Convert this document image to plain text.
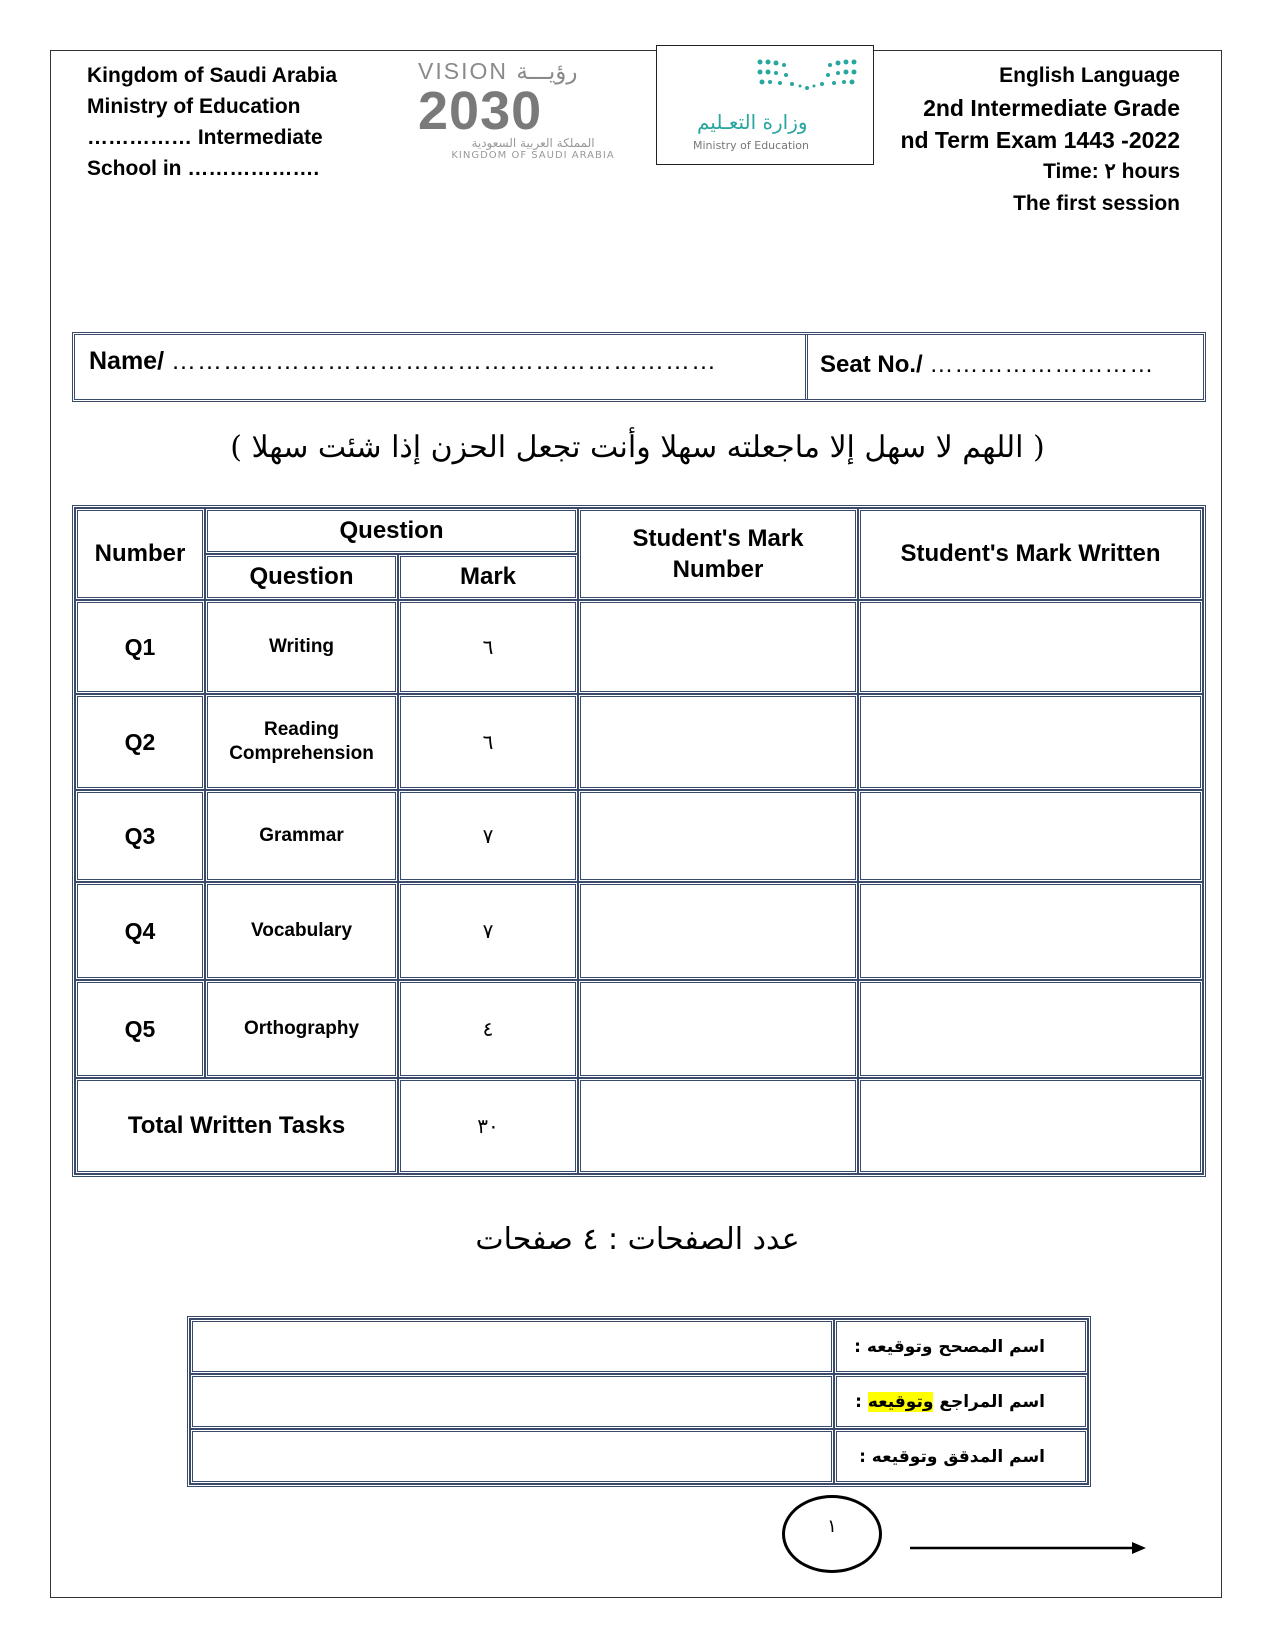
Kingdom of Saudi Arabia
Ministry of Education
…………… Intermediate
School in ……………….
VISION رؤيـــة
2030
المملكة العربية السعودية
KINGDOM OF SAUDI ARABIA
وزارة التعـليم
Ministry of Education
English Language
2nd Intermediate Grade
nd Term Exam 1443 -2022
Time: ٢ hours
The first session
Name/ ………………………………………………………	Seat No./ ………………………
( اللهم لا سهل إلا ماجعلته سهلا وأنت تجعل الحزن إذا شئت سهلا )
Number	Question		Student's Mark Number	Student's Mark Written
	Question	Mark		
Q1	Writing	٦		
Q2	Reading Comprehension	٦		
Q3	Grammar	٧		
Q4	Vocabulary	٧		
Q5	Orthography	٤		
Total Written Tasks		٣٠		
عدد الصفحات : ٤ صفحات
	اسم المصحح وتوقيعه :
	اسم المراجع وتوقيعه :
	اسم المدقق وتوقيعه :
١
